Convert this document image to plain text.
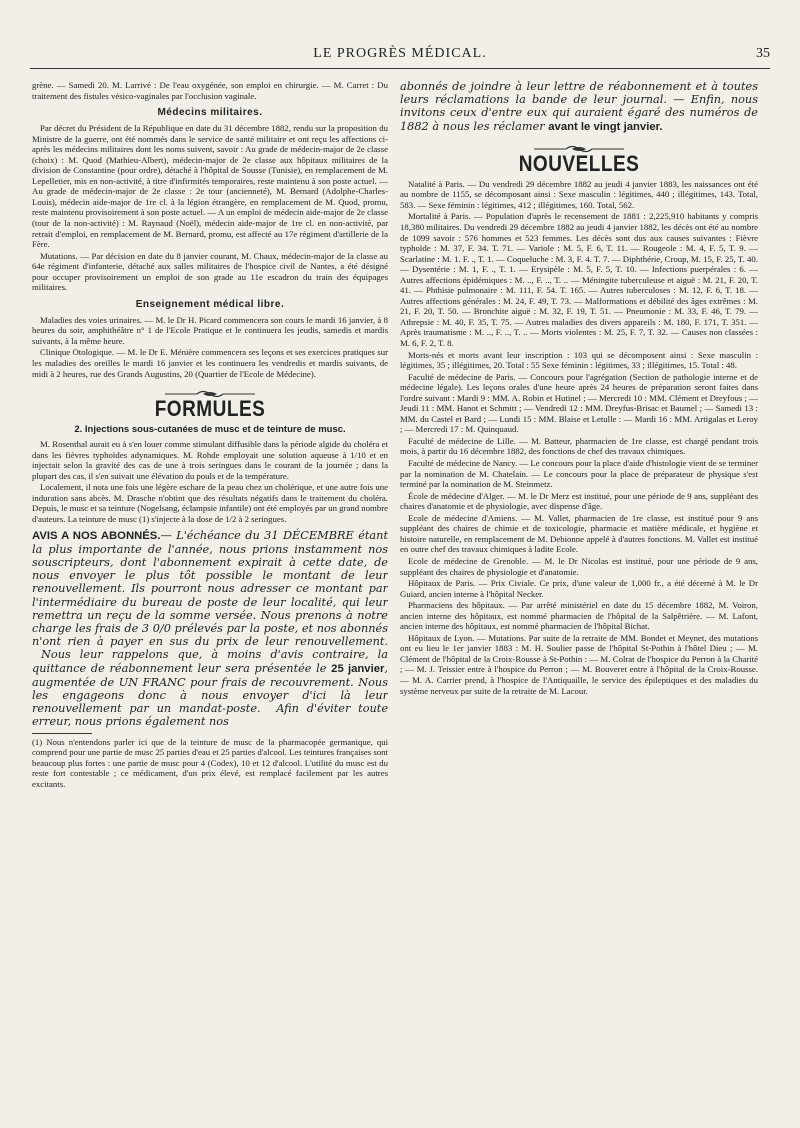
LE PROGRÈS MÉDICAL.	35

grène. — Samedi 20. M. Larrivé : De l'eau oxygénée, son emploi en chirurgie. — M. Carret : Du traitement des fistules vésico-vaginales par l'occlusion vaginale.

Médecins militaires.

Par décret du Président de la République en date du 31 décembre 1882, rendu sur la proposition du Ministre de la guerre, ont été nommés dans le service de santé militaire et ont reçu les affections ci-après les médecins militaires dont les noms suivent, savoir : Au grade de médecin-major de 2e classe (choix) : M. Quod (Mathieu-Albert), médecin-major de 2e classe aux hôpitaux militaires de la division de Constantine (pour ordre), détaché à l'hôpital de Sousse (Tunisie), en remplacement de M. Lepelletier, mis en non-activité, à titre d'infirmités temporaires, reste maintenu à son poste actuel. — Au grade de médecin-major de 2e classe : 2e tour (ancienneté), M. Bernard (Adolphe-Charles-Louis), médecin aide-major de 1re cl. à la légion étrangère, en remplacement de M. Quod, promu, reste maintenu provisoirement à son poste actuel. — A un emploi de médecin aide-major de 2e classe (tour de la non-activité) : M. Raynaud (Noël), médecin aide-major de 1re cl. en non-activité, par retrait d'emploi, en remplacement de M. Bernard, promu, est affecté au 17e régiment d'artillerie de la Fère.

Mutations. — Par décision en date du 8 janvier courant, M. Chaux, médecin-major de la classe au 64e régiment d'infanterie, détaché aux salles militaires de l'hospice civil de Nantes, a été désigné pour occuper provisoirement un emploi de son grade au 11e escadron du train des équipages militaires.

Enseignement médical libre.

Maladies des voies urinaires. — M. le Dr H. Picard commencera son cours le mardi 16 janvier, à 8 heures du soir, amphithéâtre n° 1 de l'Ecole Pratique et le continuera les jeudis, samedis et mardis suivants, à la même heure.

Clinique Otologique. — M. le Dr E. Ménière commencera ses leçons et ses exercices pratiques sur les maladies des oreilles le mardi 16 janvier et les continuera les vendredis et mardis suivants, de midi à 2 heures, rue des Grands Augustins, 20 (Quartier de l'Ecole de Médecine).

FORMULES
2. Injections sous-cutanées de musc et de teinture de musc.

M. Rosenthal aurait eu à s'en louer comme stimulant diffusible dans la période algide du choléra et dans les fièvres typhoïdes adynamiques. M. Rohde employait une solution aqueuse à 1/10 et en injectait selon la gravité des cas de une à trois seringues dans le courant de la journée ; dans la plupart des cas, il s'en suivait une élévation du pouls et de la température.

Localement, il nota une fois une légère eschare de la peau chez un cholérique, et une autre fois une induration sans abcès. M. Drasche n'obtint que des résultats négatifs dans le traitement du choléra. Depuis, le musc et sa teinture (Nogelsang, éclampsie infantile) ont été employés par un grand nombre d'auteurs. La teinture de musc (1) s'injecte à la dose de 1/2 à 2 seringues.

AVIS A NOS ABONNÉS.— L'échéance du 31 DÉCEMBRE étant la plus importante de l'année, nous prions instamment nos souscripteurs, dont l'abonnement expirait à cette date, de nous envoyer le plus tôt possible le montant de leur renouvellement. Ils pourront nous adresser ce montant par l'intermédiaire du bureau de poste de leur localité, qui leur remettra un reçu de la somme versée. Nous prenons à notre charge les frais de 3 0/0 prélevés par la poste, et nos abonnés n'ont rien à payer en sus du prix de leur renouvellement.  Nous leur rappelons que, à moins d'avis contraire, la quittance de réabonnement leur sera présentée le 25 janvier, augmentée de UN FRANC pour frais de recouvrement. Nous les engageons donc à nous envoyer d'ici là leur renouvellement par un mandat-poste. Afin d'éviter toute erreur, nous prions également nos

(1) Nous n'entendons parler ici que de la teinture de musc de la pharmacopée germanique, qui comprend pour une partie de musc 25 parties d'eau et 25 parties d'alcool. Les teintures françaises sont beaucoup plus fortes : une partie de musc pour 4 (Codex), 10 et 12 d'alcool. L'utilité du musc est du reste fort contestable ; ce médicament, d'un prix élevé, est remplacé facilement par les autres excitants.

abonnés de joindre à leur lettre de réabonnement et à toutes leurs réclamations la bande de leur journal. — Enfin, nous invitons ceux d'entre eux qui auraient égaré des numéros de 1882 à nous les réclamer avant le vingt janvier.
NOUVELLES

Natalité à Paris. — Du vendredi 29 décembre 1882 au jeudi 4 janvier 1883, les naissances ont été au nombre de 1155, se décomposant ainsi : Sexe masculin : légitimes, 440 ; illégitimes, 143. Total, 583. — Sexe féminin : légitimes, 412 ; illégitimes, 160. Total, 562.

Mortalité à Paris. — Population d'après le recensement de 1881 : 2,225,910 habitants y compris 18,380 militaires. Du vendredi 29 décembre 1882 au jeudi 4 janvier 1882, les décès ont été au nombre de 1099 savoir : 576 hommes et 523 femmes. Les décès sont dus aux causes suivantes : Fièvre typhoïde : M. 37, F. 34. T. 71. — Variole : M. 5, F. 6, T. 11. — Rougeole : M. 4, F. 5, T. 9. — Scarlatine : M. 1. F. ., T. 1. — Coqueluche : M. 3, F. 4. T. 7. — Diphthérie, Croup, M. 15, F. 25, T. 40. — Dysentérie : M. 1, F. ., T. 1. — Erysipèle : M. 5, F. 5, T. 10. — Infections puerpérales : 6. — Autres affections épidémiques : M. .., F. .., T. .. — Méningite tuberculeuse et aiguë : M. 21, F. 20, T. 41. — Phthisie pulmonaire : M. 111, F. 54. T. 165. — Autres tuberculoses : M. 12, F. 6, T. 18. — Autres affections générales : M. 24, F. 49, T. 73. — Malformations et débilité des âges extrêmes : M. 21, F. 20, T. 50. — Bronchite aiguë : M. 32, F. 19, T. 51. — Pneumonie : M. 33, F. 46, T. 79. — Athrepsie : M. 40, F. 35, T. 75. — Autres maladies des divers appareils : M. 180, F. 171, T. 351. — Après traumatisme : M. .., F. .., T. .. — Morts violentes : M. 25, F. 7, T. 32. — Causes non classées : M. 6, F. 2, T. 8.

Morts-nés et morts avant leur inscription : 103 qui se décomposent ainsi : Sexe masculin : légitimes, 35 ; illégitimes, 20. Total : 55 Sexe féminin : légitimes, 33 ; illégitimes, 15. Total : 48.

Faculté de médecine de Paris. — Concours pour l'agrégation (Section de pathologie interne et de médecine légale). Les leçons orales d'une heure après 24 heures de préparation seront faites dans l'ordre suivant : Mardi 9 : MM. A. Robin et Hutinel ; — Mercredi 10 : MM. Clément et Dreyfous ; — Jeudi 11 : MM. Hanot et Schmitt ; — Vendredi 12 : MM. Dreyfus-Brisac et Baumel ; — Samedi 13 : MM. du Castel et Bard ; — Lundi 15 : MM. Blaise et Letulle : — Mardi 16 : MM. Artigalas et Leroy ; — Mercredi 17 : M. Quinquaud.

Faculté de médecine de Lille. — M. Batteur, pharmacien de 1re classe, est chargé pendant trois mois, à partir du 16 décembre 1882, des fonctions de chef des travaux chimiques.

Faculté de médecine de Nancy. — Le concours pour la place d'aide d'histologie vient de se terminer par la nomination de M. Chatelain. — Le concours pour la place de préparateur de physique s'est terminé par la nomination de M. Steinmetz.

École de médecine d'Alger. — M. le Dr Merz est institué, pour une période de 9 ans, suppléant des chaires d'anatomie et de physiologie, avec dispense d'âge.

Ecole de médecine d'Amiens. — M. Vallet, pharmacien de 1re classe, est institué pour 9 ans suppléant des chaires de chimie et de toxicologie, pharmacie et matière médicale, et hygiène et histoire naturelle, en remplacement de M. Debionne appelé à d'autres fonctions. M. Vallet est institué en outre chef des travaux chimiques à ladite Ecole.

Ecole de médecine de Grenoble. — M. le Dr Nicolas est institué, pour une période de 9 ans, suppléant des chaires de physiologie et d'anatomie.

Hôpitaux de Paris. — Prix Civiale. Ce prix, d'une valeur de 1,000 fr., a été décerné à M. le Dr Guiard, ancien interne à l'hôpital Necker.

Pharmaciens des hôpitaux. — Par arrêté ministériel en date du 15 décembre 1882, M. Voiron, ancien interne des hôpitaux, est nommé pharmacien de l'hôpital de la Salpêtrière. — M. Lafont, ancien interne des hôpitaux, est nommé pharmacien de l'hôpital Bichat.

Hôpitaux de Lyon. — Mutations. Par suite de la retraite de MM. Bondet et Meynet, des mutations ont eu lieu le 1er janvier 1883 : M. H. Soulier passe de l'hôpital St-Pothin à l'hôtel Dieu ; — M. Clément de l'hôpital de la Croix-Rousse à St-Pothin : — M. Colrat de l'hospice du Perron à la Charité ; — M. J. Teissier entre à l'hospice du Perron ; — M. Bouveret entre à l'hôpital de la Croix-Rousse. — M. A. Carrier prend, à l'hospice de l'Antiquaille, le service des épileptiques et des maladies du système nerveux par suite de la retraite de M. Lacour.
